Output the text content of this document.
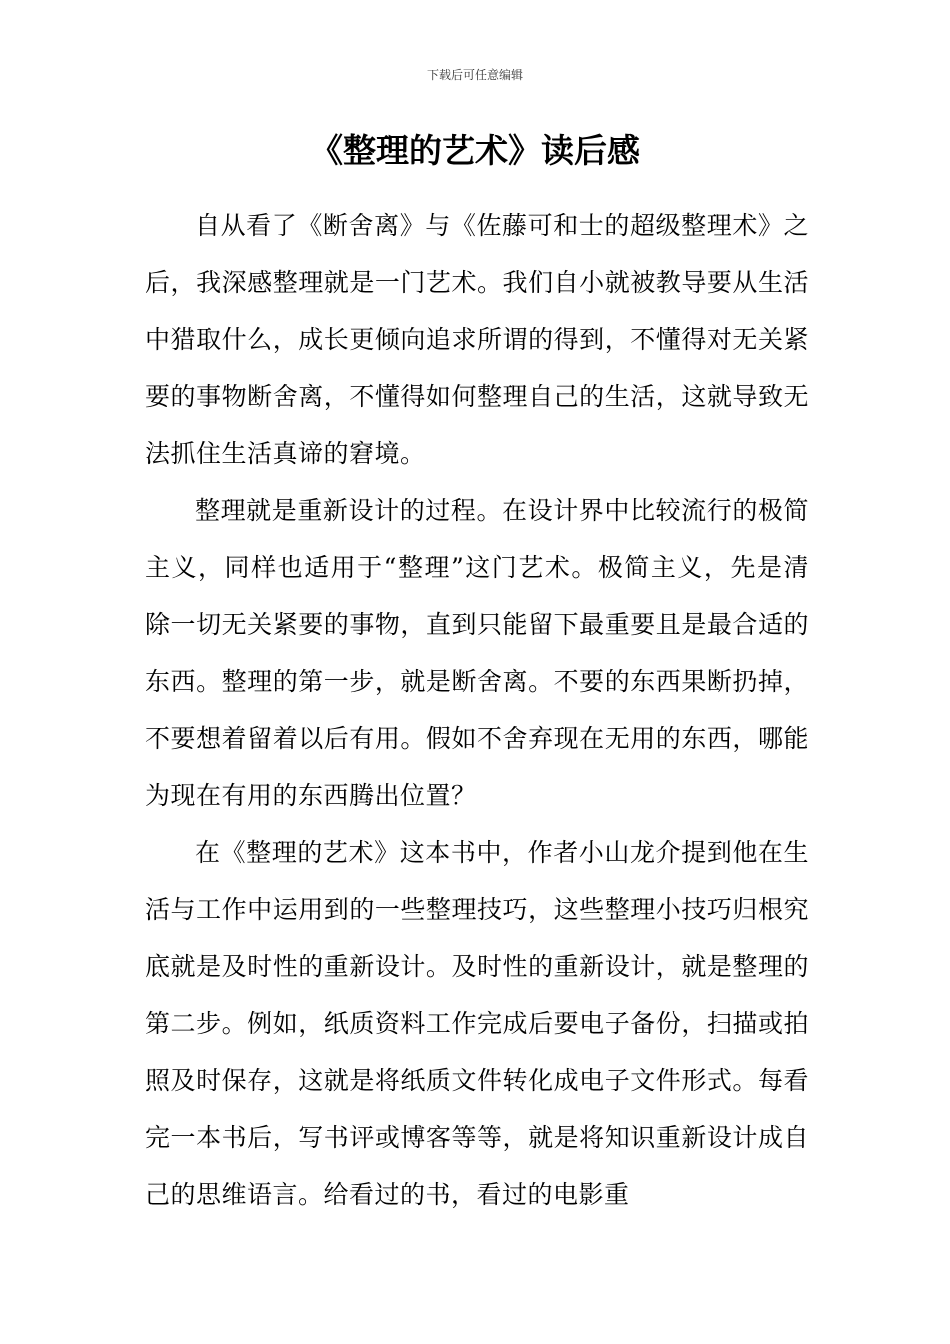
下载后可任意编辑
《整理的艺术》读后感

自从看了《断舍离》与《佐藤可和士的超级整理术》之后，我深感整理就是一门艺术。我们自小就被教导要从生活中猎取什么，成长更倾向追求所谓的得到，不懂得对无关紧要的事物断舍离，不懂得如何整理自己的生活，这就导致无法抓住生活真谛的窘境。

整理就是重新设计的过程。在设计界中比较流行的极简主义，同样也适用于“整理”这门艺术。极简主义，先是清除一切无关紧要的事物，直到只能留下最重要且是最合适的东西。整理的第一步，就是断舍离。不要的东西果断扔掉，不要想着留着以后有用。假如不舍弃现在无用的东西，哪能为现在有用的东西腾出位置？

在《整理的艺术》这本书中，作者小山龙介提到他在生活与工作中运用到的一些整理技巧，这些整理小技巧归根究底就是及时性的重新设计。及时性的重新设计，就是整理的第二步。例如，纸质资料工作完成后要电子备份，扫描或拍照及时保存，这就是将纸质文件转化成电子文件形式。每看完一本书后，写书评或博客等等，就是将知识重新设计成自己的思维语言。给看过的书，看过的电影重
